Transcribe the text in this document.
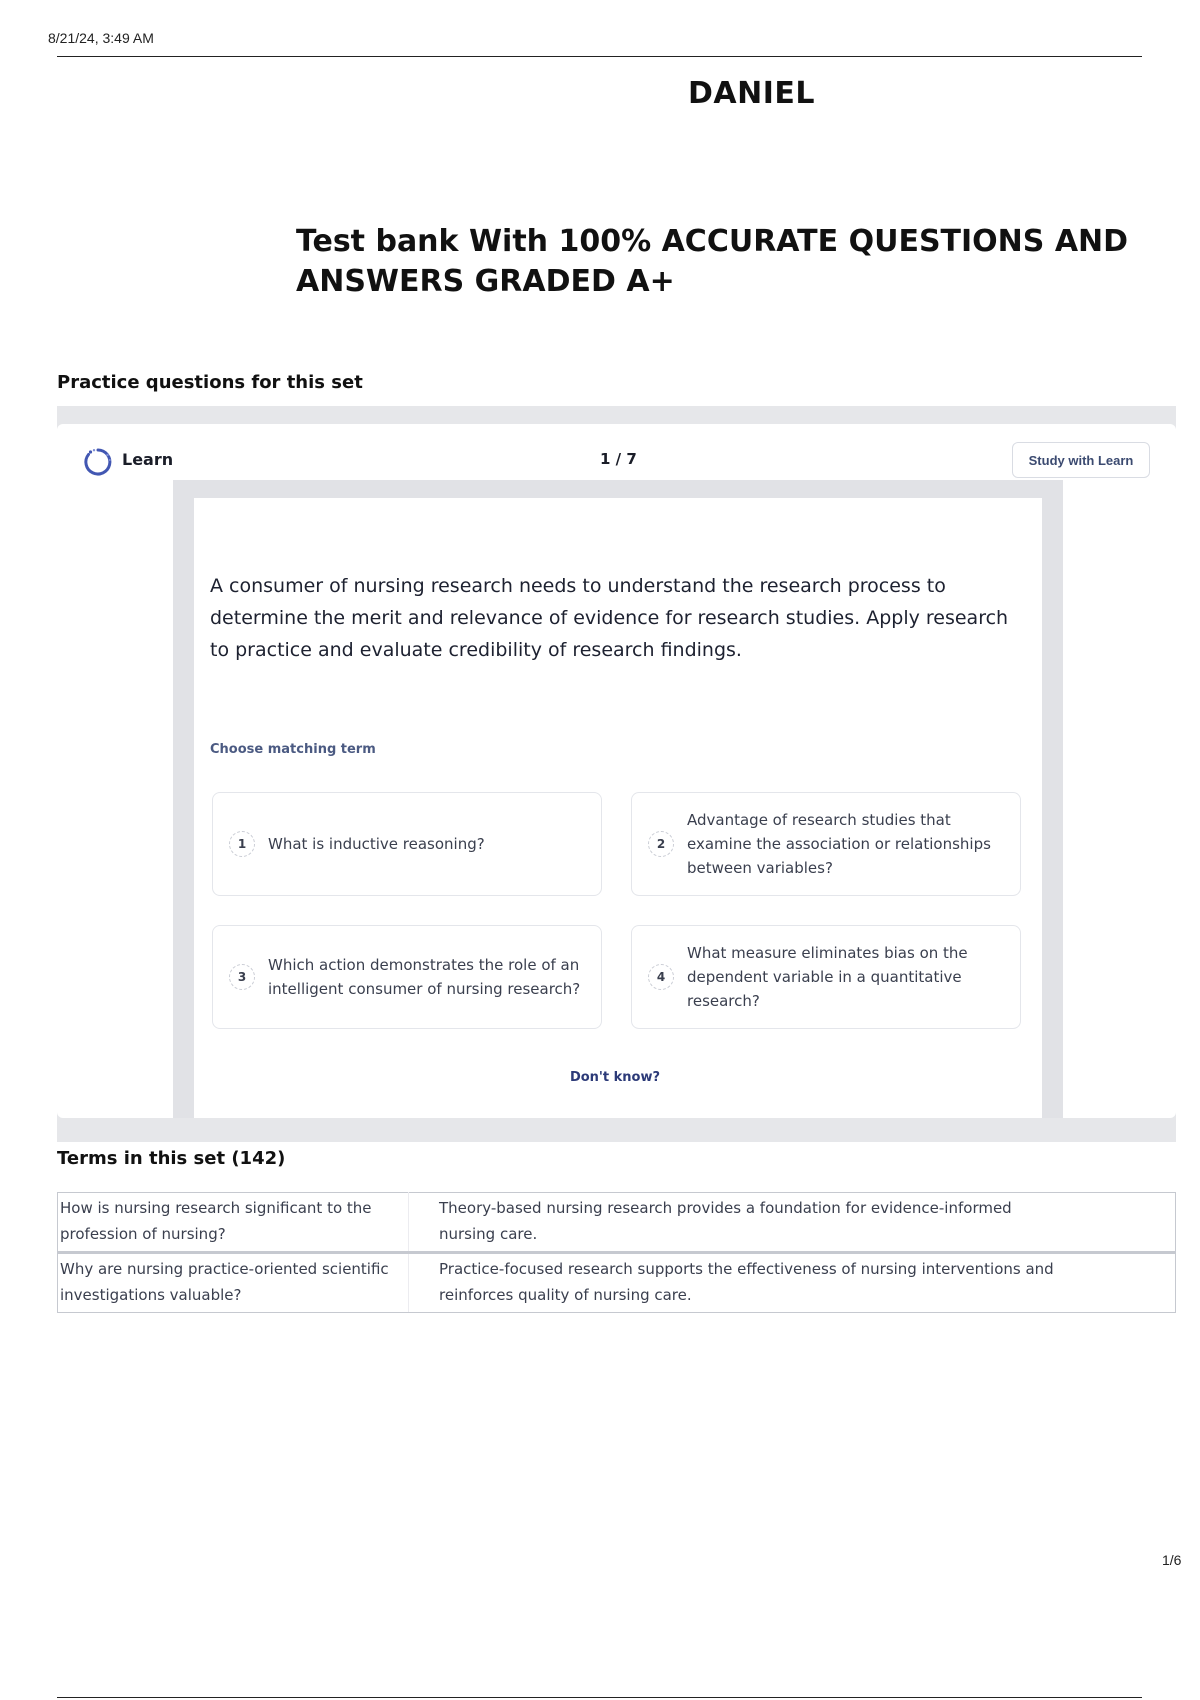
8/21/24, 3:49 AM
DANIEL
Test bank With 100% ACCURATE QUESTIONS AND ANSWERS GRADED A+
Practice questions for this set
Learn	1 / 7	Study with Learn
A consumer of nursing research needs to understand the research process to determine the merit and relevance of evidence for research studies. Apply research to practice and evaluate credibility of research findings.
Choose matching term
1	What is inductive reasoning?	2
Advantage of research studies that examine the association or relationships between variables?
3
Which action demonstrates the role of an intelligent consumer of nursing research?
4
What measure eliminates bias on the dependent variable in a quantitative research?
Don't know?
Terms in this set (142)
How is nursing research significant to the profession of nursing?	Theory-based nursing research provides a foundation for evidence-informed nursing care.
Why are nursing practice-oriented scientific investigations valuable?	Practice-focused research supports the effectiveness of nursing interventions and reinforces quality of nursing care.
1/6
